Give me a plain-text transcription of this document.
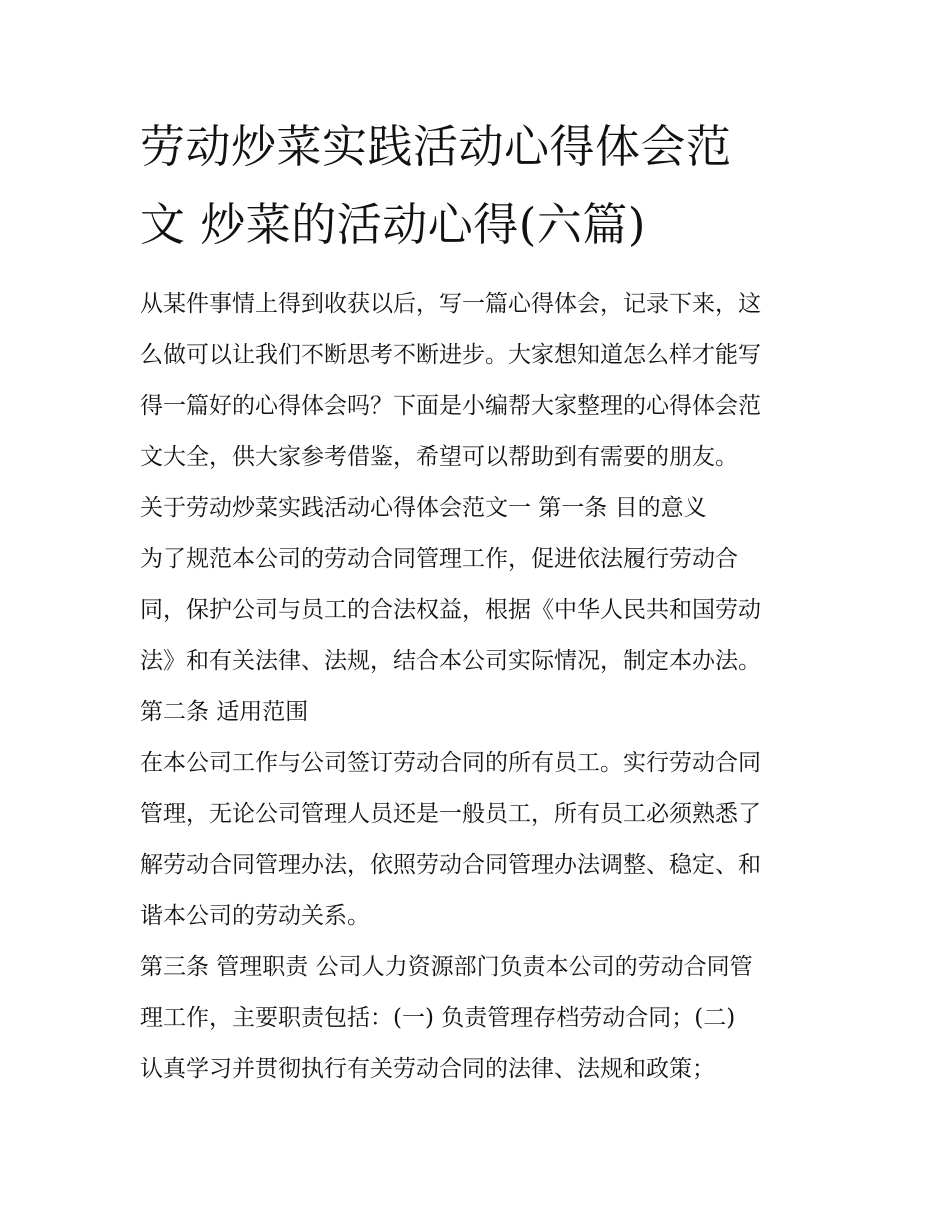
劳动炒菜实践活动心得体会范
文 炒菜的活动心得(六篇)
从某件事情上得到收获以后，写一篇心得体会，记录下来，这
么做可以让我们不断思考不断进步。大家想知道怎么样才能写
得一篇好的心得体会吗？下面是小编帮大家整理的心得体会范
文大全，供大家参考借鉴，希望可以帮助到有需要的朋友。
关于劳动炒菜实践活动心得体会范文一 第一条 目的意义
为了规范本公司的劳动合同管理工作，促进依法履行劳动合
同，保护公司与员工的合法权益，根据《中华人民共和国劳动
法》和有关法律、法规，结合本公司实际情况，制定本办法。
第二条 适用范围
在本公司工作与公司签订劳动合同的所有员工。实行劳动合同
管理，无论公司管理人员还是一般员工，所有员工必须熟悉了
解劳动合同管理办法，依照劳动合同管理办法调整、稳定、和
谐本公司的劳动关系。
第三条 管理职责 公司人力资源部门负责本公司的劳动合同管
理工作，主要职责包括：(一) 负责管理存档劳动合同；(二)
认真学习并贯彻执行有关劳动合同的法律、法规和政策；
